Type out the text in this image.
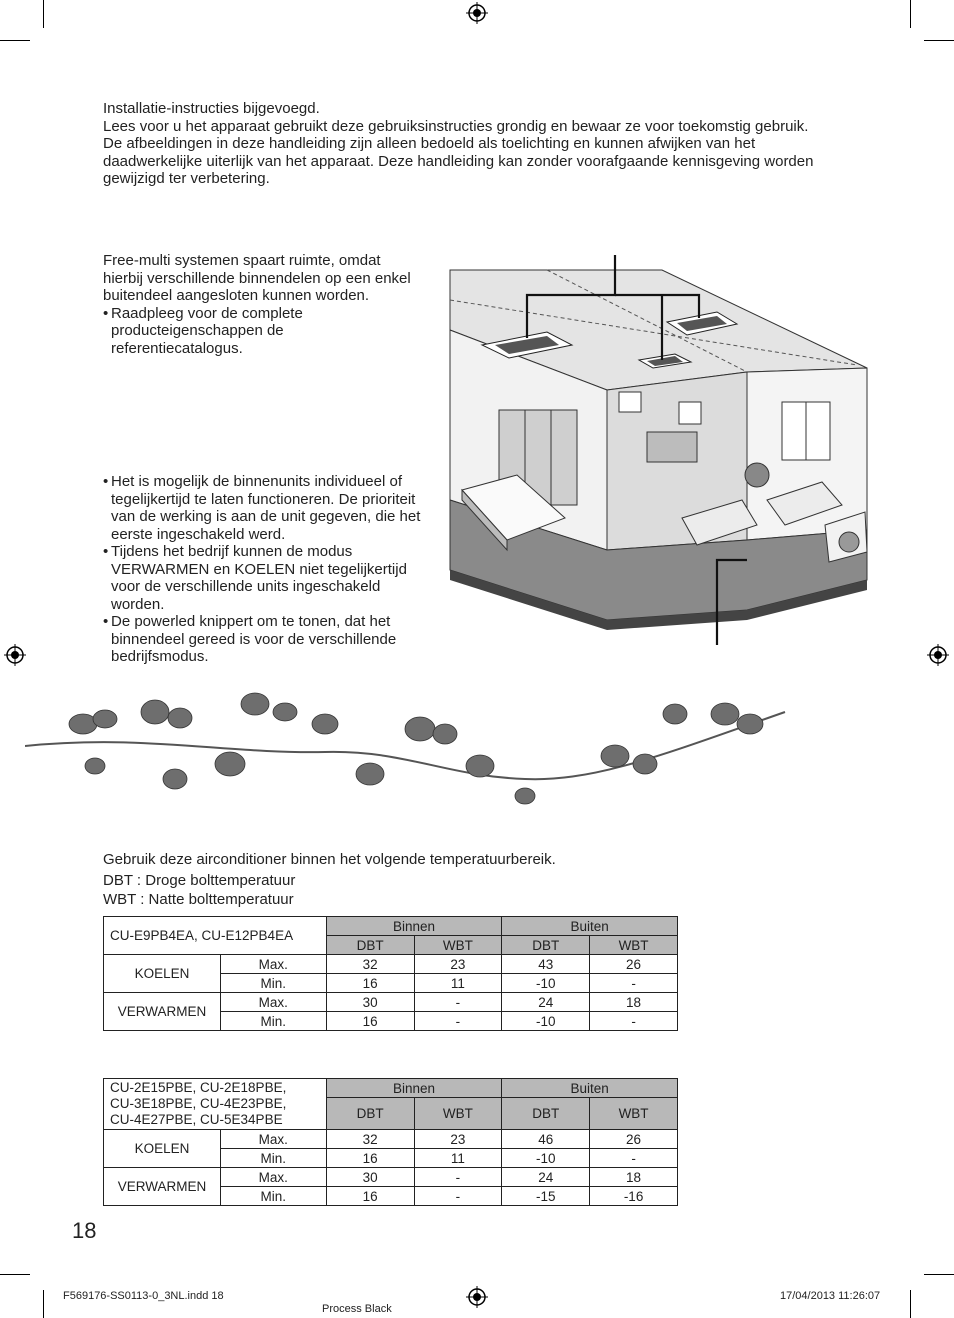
Installatie-instructies bijgevoegd.

Lees voor u het apparaat gebruikt deze gebruiksinstructies grondig en bewaar ze voor toekomstig gebruik.

De afbeeldingen in deze handleiding zijn alleen bedoeld als toelichting en kunnen afwijken van het daadwerkelijke uiterlijk van het apparaat. Deze handleiding kan zonder voorafgaande kennisgeving worden gewijzigd ter verbetering.

Free-multi systemen spaart ruimte, omdat hierbij verschillende binnendelen op een enkel buitendeel aangesloten kunnen worden.

• Raadpleeg voor de complete producteigenschappen de referentiecatalogus.

• Het is mogelijk de binnenunits individueel of tegelijkertijd te laten functioneren. De prioriteit van de werking is aan de unit gegeven, die het eerste ingeschakeld werd.

• Tijdens het bedrijf kunnen de modus VERWARMEN en KOELEN niet tegelijkertijd voor de verschillende units ingeschakeld worden.

• De powerled knippert om te tonen, dat het binnendeel gereed is voor de verschillende bedrijfsmodus.

Gebruik deze airconditioner binnen het volgende temperatuurbereik.

DBT : Droge bolttemperatuur

WBT : Natte bolttemperatuur

CU-E9PB4EA, CU-E12PB4EA		Binnen		Buiten	
		DBT	WBT	DBT	WBT
KOELEN	Max.	32	23	43	26
	Min.	16	11	-10	-
VERWARMEN	Max.	30	-	24	18
	Min.	16	-	-10	-
CU-2E15PBE, CU-2E18PBE,
CU-3E18PBE, CU-4E23PBE,
CU-4E27PBE, CU-5E34PBE		Binnen		Buiten	
		DBT	WBT	DBT	WBT
KOELEN	Max.	32	23	46	26
	Min.	16	11	-10	-
VERWARMEN	Max.	30	-	24	18
	Min.	16	-	-15	-16
18
F569176-SS0113-0_3NL.indd 18
Process Black
17/04/2013 11:26:07
